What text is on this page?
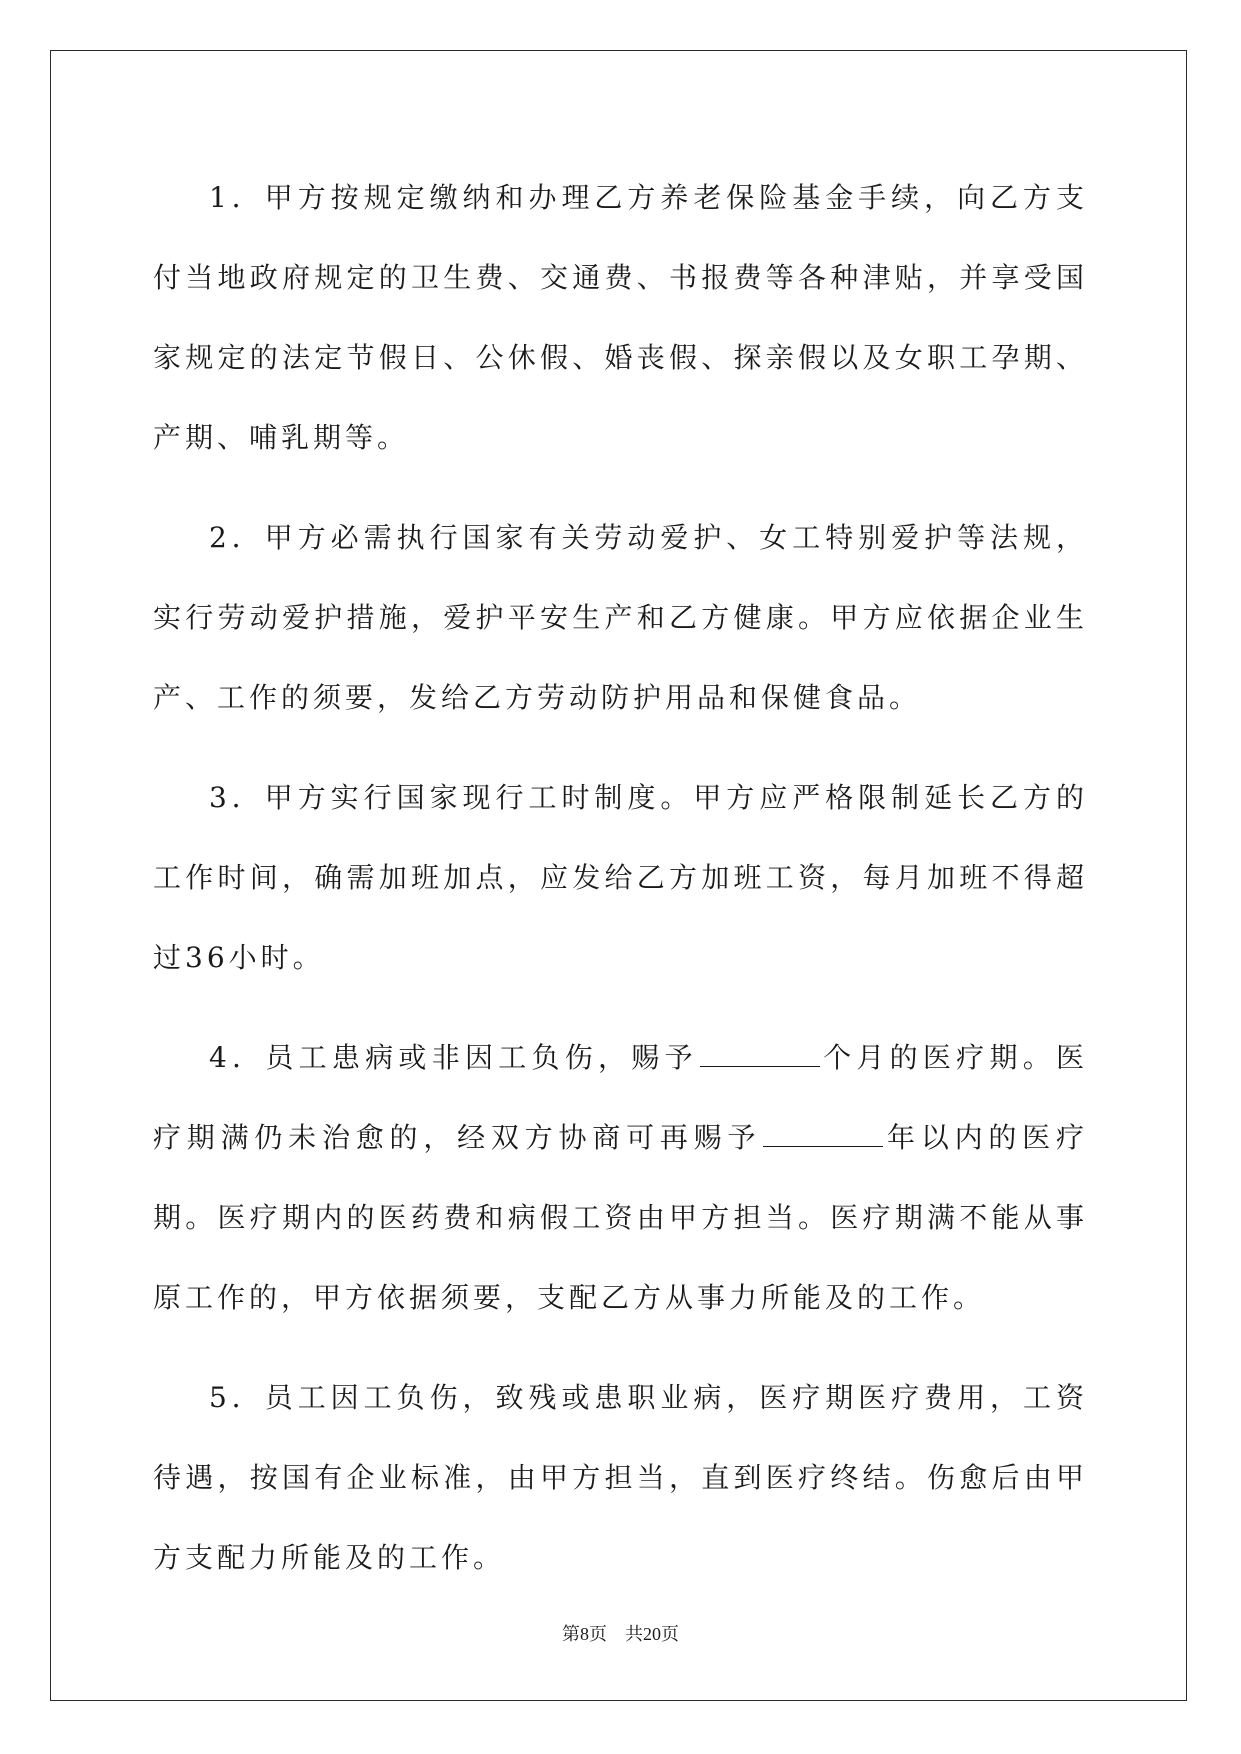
1．甲方按规定缴纳和办理乙方养老保险基金手续，向乙方支付当地政府规定的卫生费、交通费、书报费等各种津贴，并享受国家规定的法定节假日、公休假、婚丧假、探亲假以及女职工孕期、产期、哺乳期等。

2．甲方必需执行国家有关劳动爱护、女工特别爱护等法规，实行劳动爱护措施，爱护平安生产和乙方健康。甲方应依据企业生产、工作的须要，发给乙方劳动防护用品和保健食品。

3．甲方实行国家现行工时制度。甲方应严格限制延长乙方的工作时间，确需加班加点，应发给乙方加班工资，每月加班不得超过36小时。

4．员工患病或非因工负伤，赐予	个月的医疗期。医疗期满仍未治愈的，经双方协商可再赐予	年以内的医疗期。医疗期内的医药费和病假工资由甲方担当。医疗期满不能从事原工作的，甲方依据须要，支配乙方从事力所能及的工作。

5．员工因工负伤，致残或患职业病，医疗期医疗费用，工资待遇，按国有企业标准，由甲方担当，直到医疗终结。伤愈后由甲方支配力所能及的工作。

第8页 共20页
